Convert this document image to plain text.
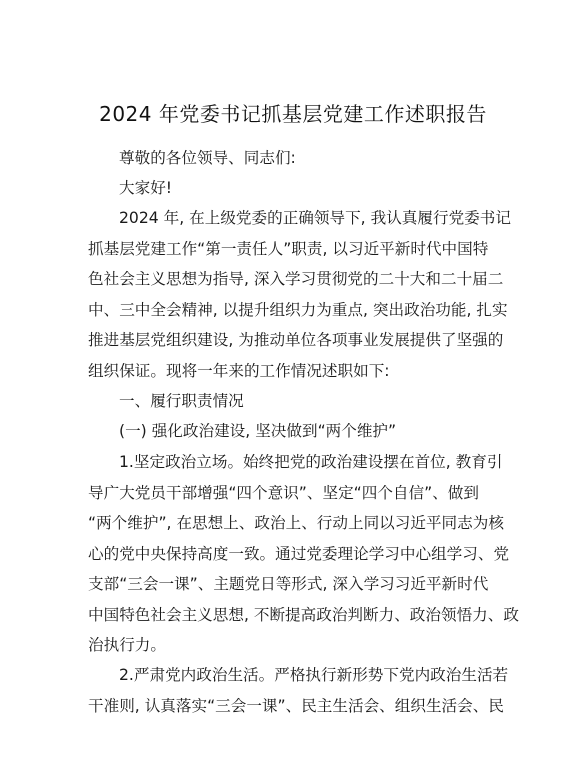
2024 年党委书记抓基层党建工作述职报告

尊敬的各位领导、同志们:

大家好!

2024 年, 在上级党委的正确领导下, 我认真履行党委书记
抓基层党建工作“第一责任人”职责, 以习近平新时代中国特
色社会主义思想为指导, 深入学习贯彻党的二十大和二十届二
中、三中全会精神, 以提升组织力为重点, 突出政治功能, 扎实
推进基层党组织建设, 为推动单位各项事业发展提供了坚强的
组织保证。现将一年来的工作情况述职如下:

一、履行职责情况

(一) 强化政治建设, 坚决做到“两个维护”

1.坚定政治立场。始终把党的政治建设摆在首位, 教育引
导广大党员干部增强“四个意识”、坚定“四个自信”、做到
“两个维护”, 在思想上、政治上、行动上同以习近平同志为核
心的党中央保持高度一致。通过党委理论学习中心组学习、党
支部“三会一课”、主题党日等形式, 深入学习习近平新时代
中国特色社会主义思想, 不断提高政治判断力、政治领悟力、政
治执行力。
2.严肃党内政治生活。严格执行新形势下党内政治生活若
干准则, 认真落实“三会一课”、民主生活会、组织生活会、民
